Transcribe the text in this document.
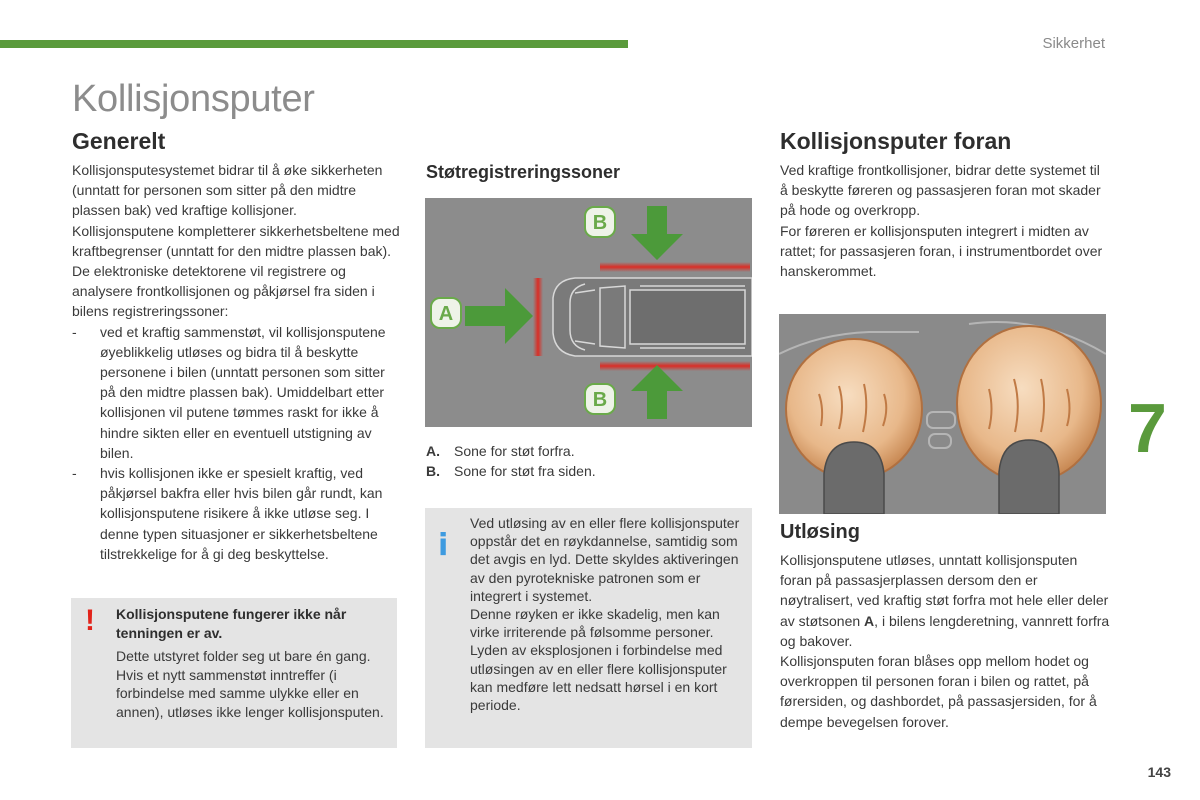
Sikkerhet
Kollisjonsputer
Generelt

Kollisjonsputesystemet bidrar til å øke sikkerheten (unntatt for personen som sitter på den midtre plassen bak) ved kraftige kollisjoner. Kollisjonsputene kompletterer sikkerhetsbeltene med kraftbegrenser (unntatt for den midtre plassen bak).

De elektroniske detektorene vil registrere og analysere frontkollisjonen og påkjørsel fra siden i bilens registreringssoner:

-	ved et kraftig sammenstøt, vil kollisjonsputene øyeblikkelig utløses og bidra til å beskytte personene i bilen (unntatt personen som sitter på den midtre plassen bak). Umiddelbart etter kollisjonen vil putene tømmes raskt for ikke å hindre sikten eller en eventuell utstigning av bilen.
-	hvis kollisjonen ikke er spesielt kraftig, ved påkjørsel bakfra eller hvis bilen går rundt, kan kollisjonsputene risikere å ikke utløse seg. I denne typen situasjoner er sikkerhetsbeltene tilstrekkelige for å gi deg beskyttelse.
! Kollisjonsputene fungerer ikke når tenningen er av.
Dette utstyret folder seg ut bare én gang. Hvis et nytt sammenstøt inntreffer (i forbindelse med samme ulykke eller en annen), utløses ikke lenger kollisjonsputen.
Støtregistreringssoner
A
B
B
A. Sone for støt forfra.
B. Sone for støt fra siden.
i
Ved utløsing av en eller flere kollisjonsputer oppstår det en røykdannelse, samtidig som det avgis en lyd. Dette skyldes aktiveringen av den pyrotekniske patronen som er integrert i systemet.
Denne røyken er ikke skadelig, men kan virke irriterende på følsomme personer.
Lyden av eksplosjonen i forbindelse med utløsingen av en eller flere kollisjonsputer kan medføre lett nedsatt hørsel i en kort periode.
Kollisjonsputer foran

Ved kraftige frontkollisjoner, bidrar dette systemet til å beskytte føreren og passasjeren foran mot skader på hode og overkropp.

For føreren er kollisjonsputen integrert i midten av rattet; for passasjeren foran, i instrumentbordet over hanskerommet.

Utløsing

Kollisjonsputene utløses, unntatt kollisjonsputen foran på passasjerplassen dersom den er nøytralisert, ved kraftig støt forfra mot hele eller deler av støtsonen A, i bilens lengderetning, vannrett forfra og bakover.

Kollisjonsputen foran blåses opp mellom hodet og overkroppen til personen foran i bilen og rattet, på førersiden, og dashbordet, på passasjersiden, for å dempe bevegelsen forover.

7
143
